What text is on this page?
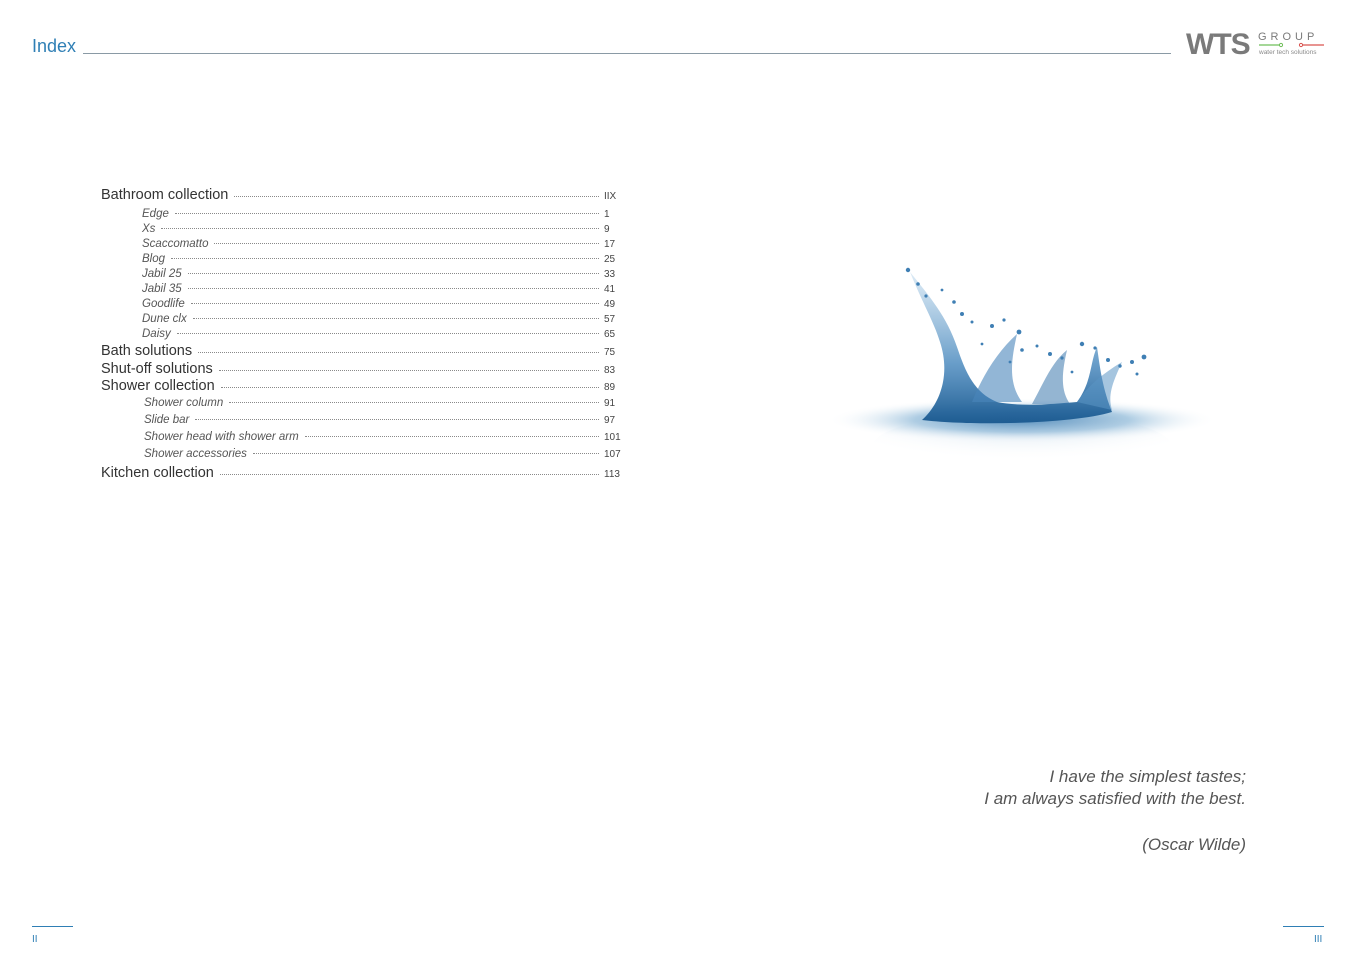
Index	WTS GROUP
water tech solutions
Bathroom collection	IIX
Edge	1
Xs	9
Scaccomatto	17
Blog	25
Jabil 25	33
Jabil 35	41
Goodlife	49
Dune clx	57
Daisy	65
Bath solutions	75
Shut-off solutions	83
Shower collection	89
Shower column	91
Slide bar	97
Shower head with shower arm	101
Shower accessories	107
Kitchen collection	113
I have the simplest tastes;
I am always satisfied with the best.
(Oscar Wilde)
II	III
